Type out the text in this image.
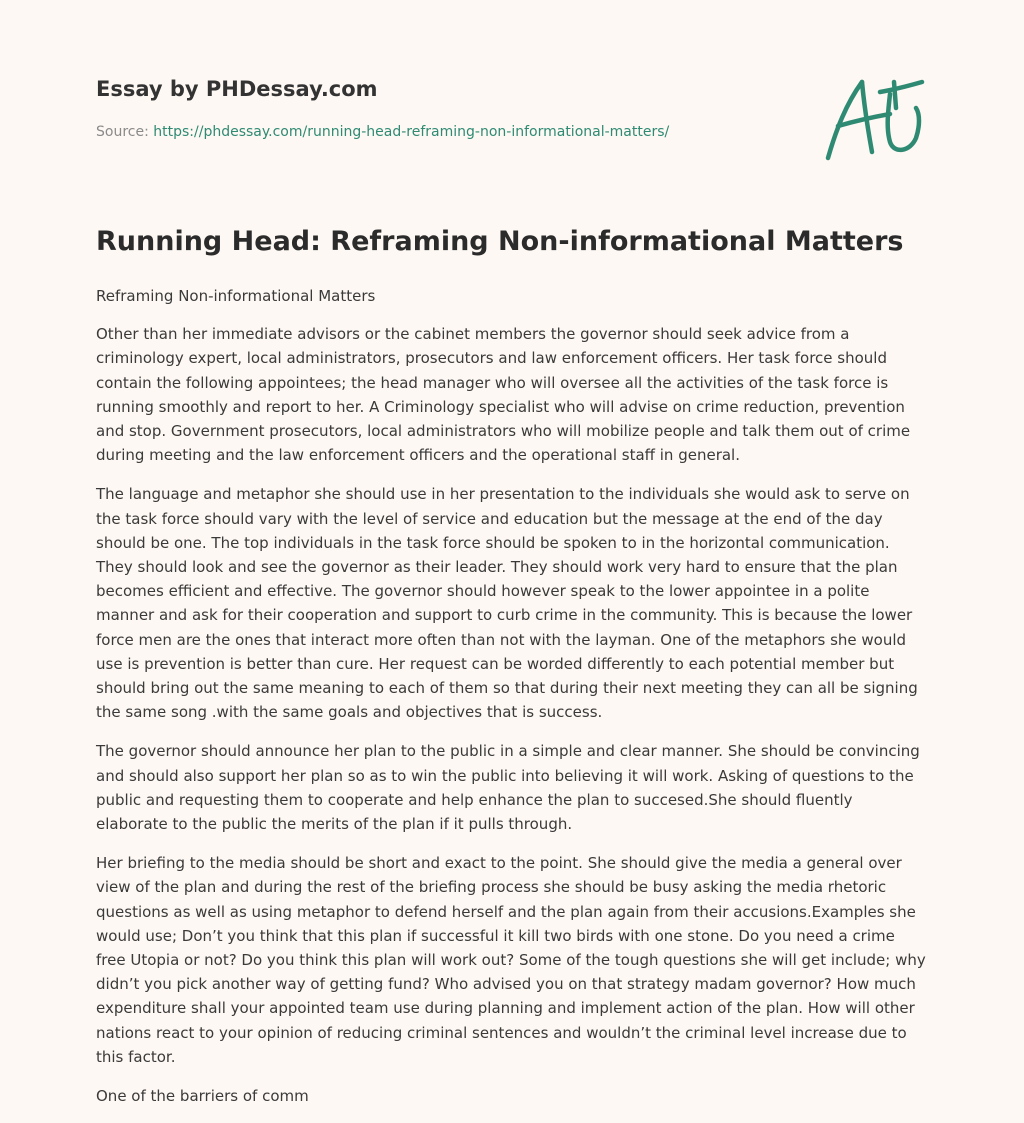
Essay by PHDessay.com
Source: https://phdessay.com/running-head-reframing-non-informational-matters/
Running Head: Reframing Non-informational Matters

Reframing Non-informational Matters

Other than her immediate advisors or the cabinet members the governor should seek advice from a criminology expert, local administrators, prosecutors and law enforcement officers. Her task force should contain the following appointees; the head manager who will oversee all the activities of the task force is running smoothly and report to her. A Criminology specialist who will advise on crime reduction, prevention and stop. Government prosecutors, local administrators who will mobilize people and talk them out of crime during meeting and the law enforcement officers and the operational staff in general.

The language and metaphor she should use in her presentation to the individuals she would ask to serve on the task force should vary with the level of service and education but the message at the end of the day should be one. The top individuals in the task force should be spoken to in the horizontal communication. They should look and see the governor as their leader. They should work very hard to ensure that the plan becomes efficient and effective. The governor should however speak to the lower appointee in a polite manner and ask for their cooperation and support to curb crime in the community. This is because the lower force men are the ones that interact more often than not with the layman. One of the metaphors she would use is prevention is better than cure. Her request can be worded differently to each potential member but should bring out the same meaning to each of them so that during their next meeting they can all be signing the same song .with the same goals and objectives that is success.

The governor should announce her plan to the public in a simple and clear manner. She should be convincing and should also support her plan so as to win the public into believing it will work. Asking of questions to the public and requesting them to cooperate and help enhance the plan to succesed.She should fluently elaborate to the public the merits of the plan if it pulls through.

Her briefing to the media should be short and exact to the point. She should give the media a general over view of the plan and during the rest of the briefing process she should be busy asking the media rhetoric questions as well as using metaphor to defend herself and the plan again from their accusions.Examples she would use; Don’t you think that this plan if successful it kill two birds with one stone. Do you need a crime free Utopia or not? Do you think this plan will work out? Some of the tough questions she will get include; why didn’t you pick another way of getting fund? Who advised you on that strategy madam governor? How much expenditure shall your appointed team use during planning and implement action of the plan. How will other nations react to your opinion of reducing criminal sentences and wouldn’t the criminal level increase due to this factor.

One of the barriers of comm
